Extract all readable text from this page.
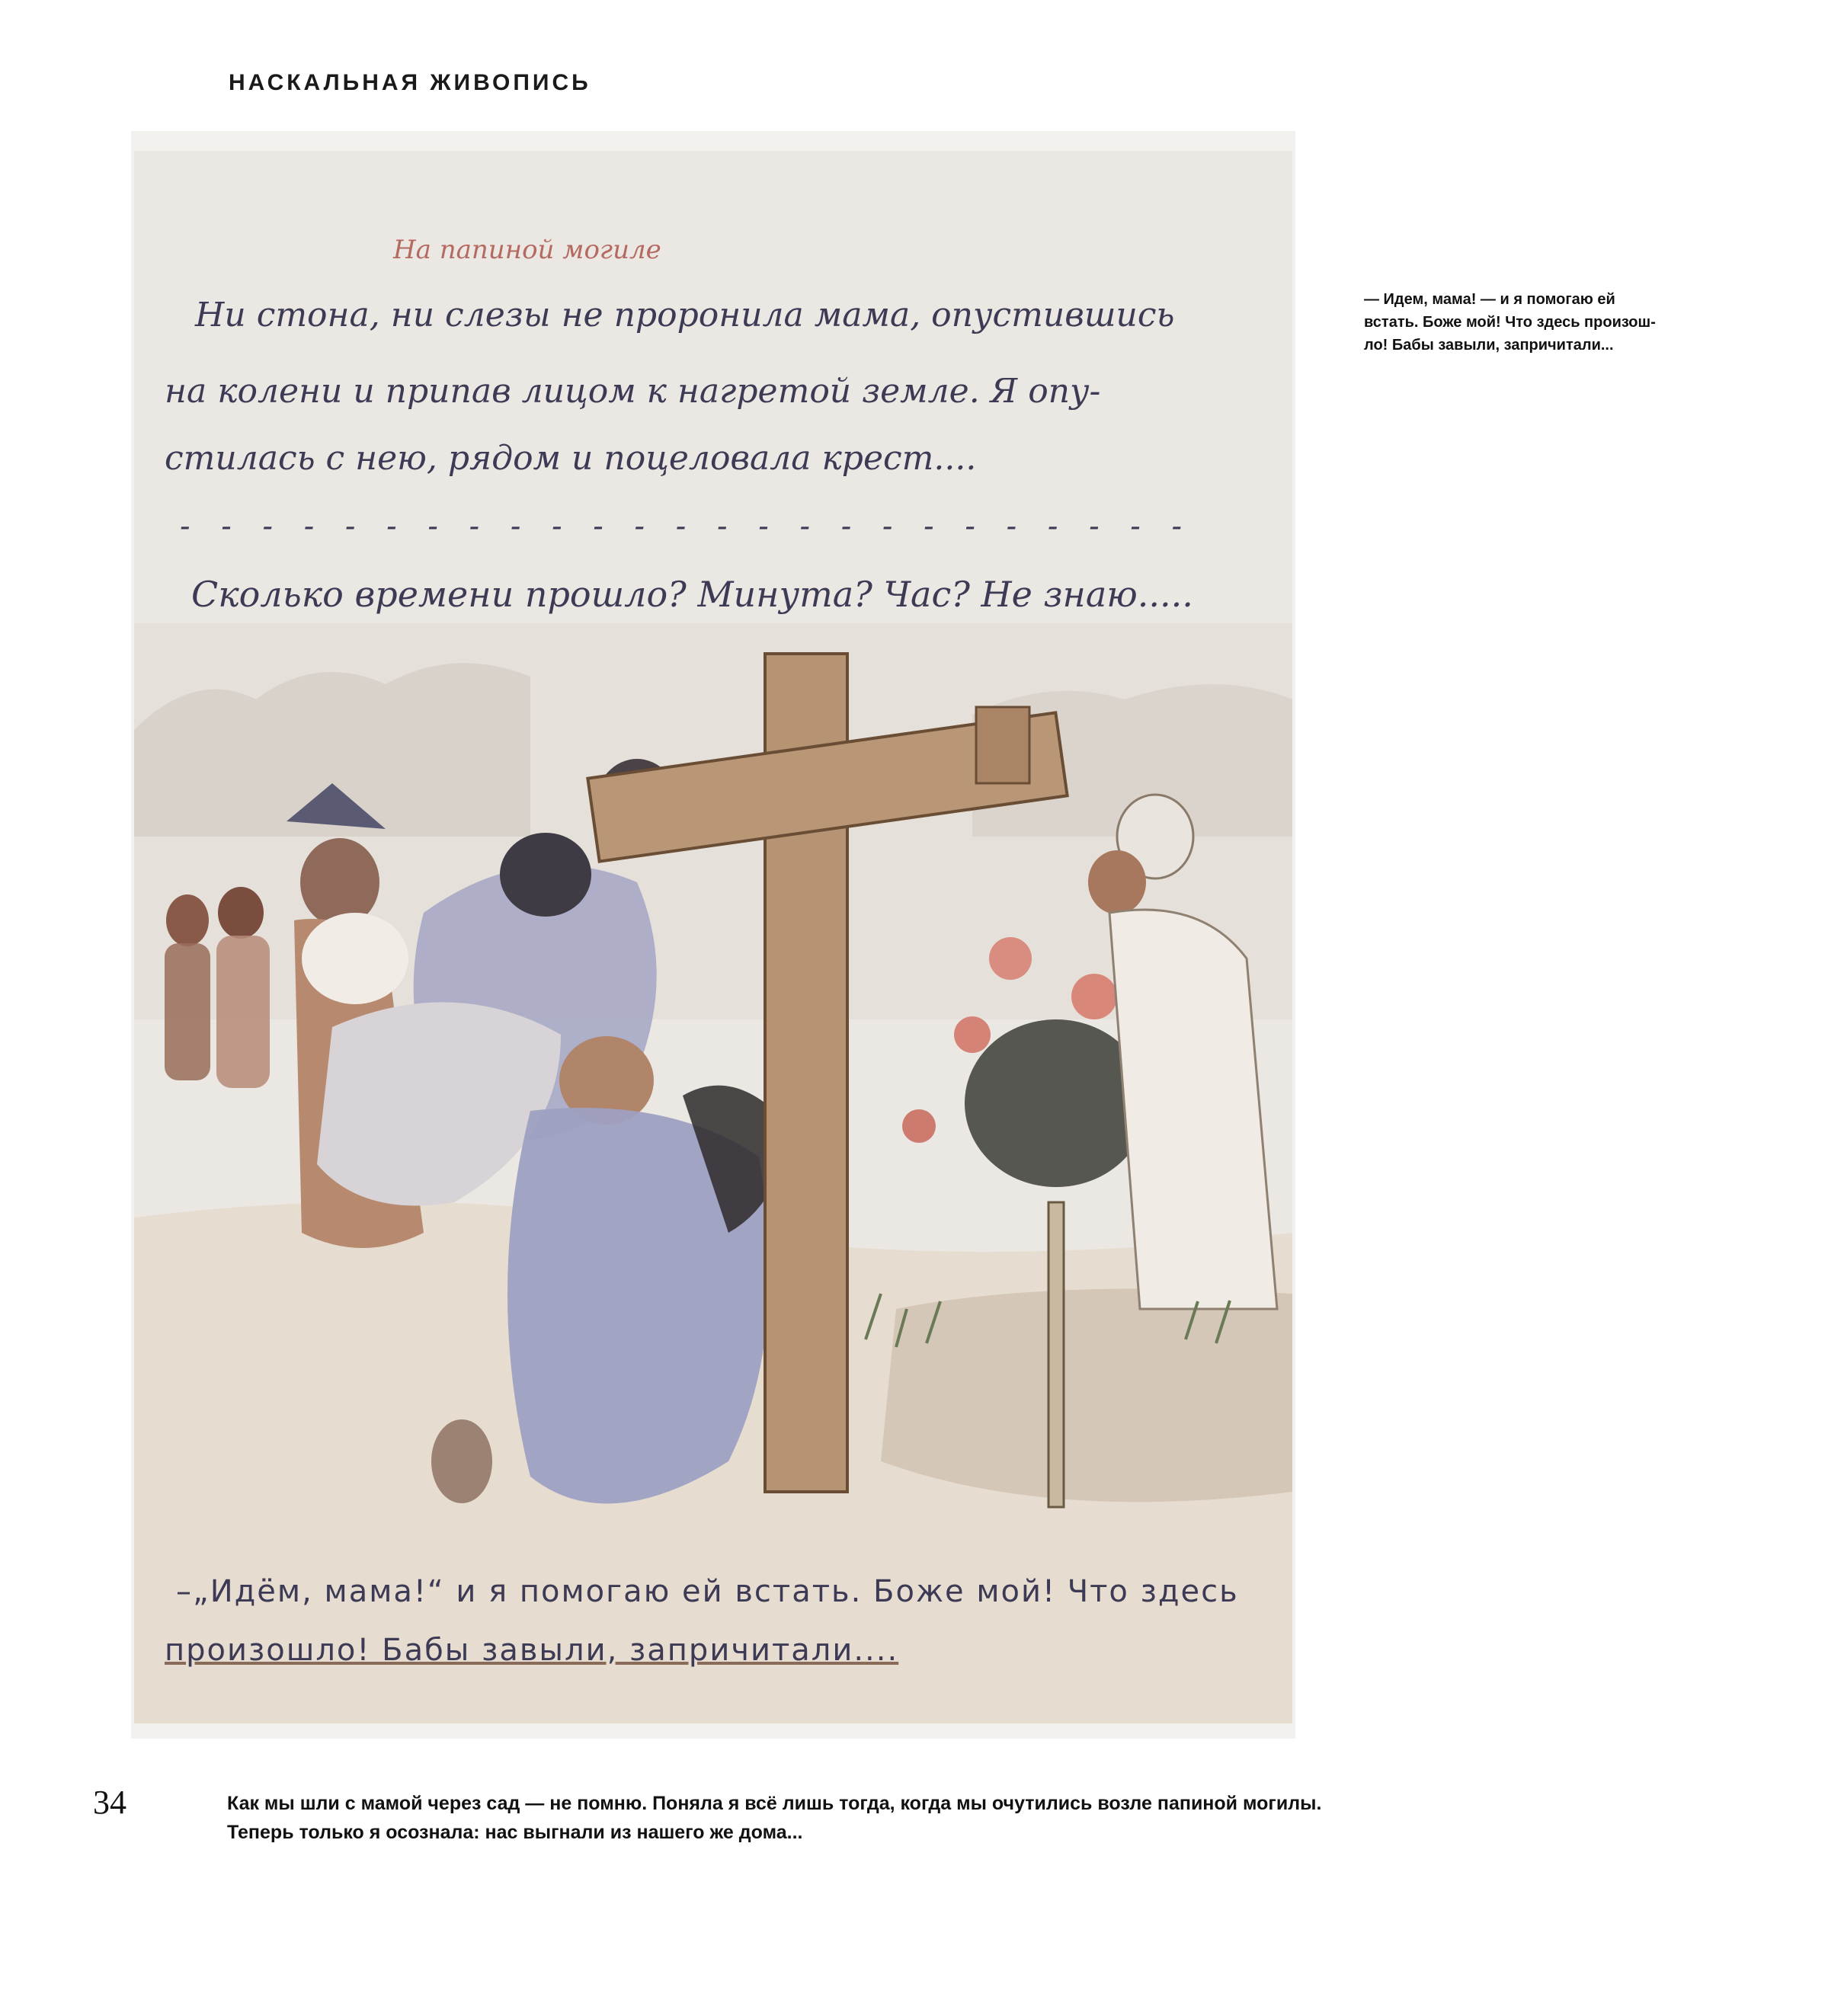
НАСКАЛЬНАЯ ЖИВОПИСЬ
На папиной могиле
Ни стона, ни слезы не проронила мама, опустившись
на колени и припав лицом к нагретой земле. Я опу-
стилась с нею, рядом и поцеловала крест....
- - - - - - - - - - - - - - - - - - - - - - - - -
Сколько времени прошло? Минута? Час? Не знаю.....
–„Идём, мама!“ и я помогаю ей встать. Боже мой! Что здесь
произошло! Бабы завыли, запричитали....
— Идем, мама! — и я помогаю ей
встать. Боже мой! Что здесь произош-
ло! Бабы завыли, запричитали...
34	Как мы шли с мамой через сад — не помню. Поняла я всё лишь тогда, когда мы очутились возле папиной могилы.
Теперь только я осознала: нас выгнали из нашего же дома...
